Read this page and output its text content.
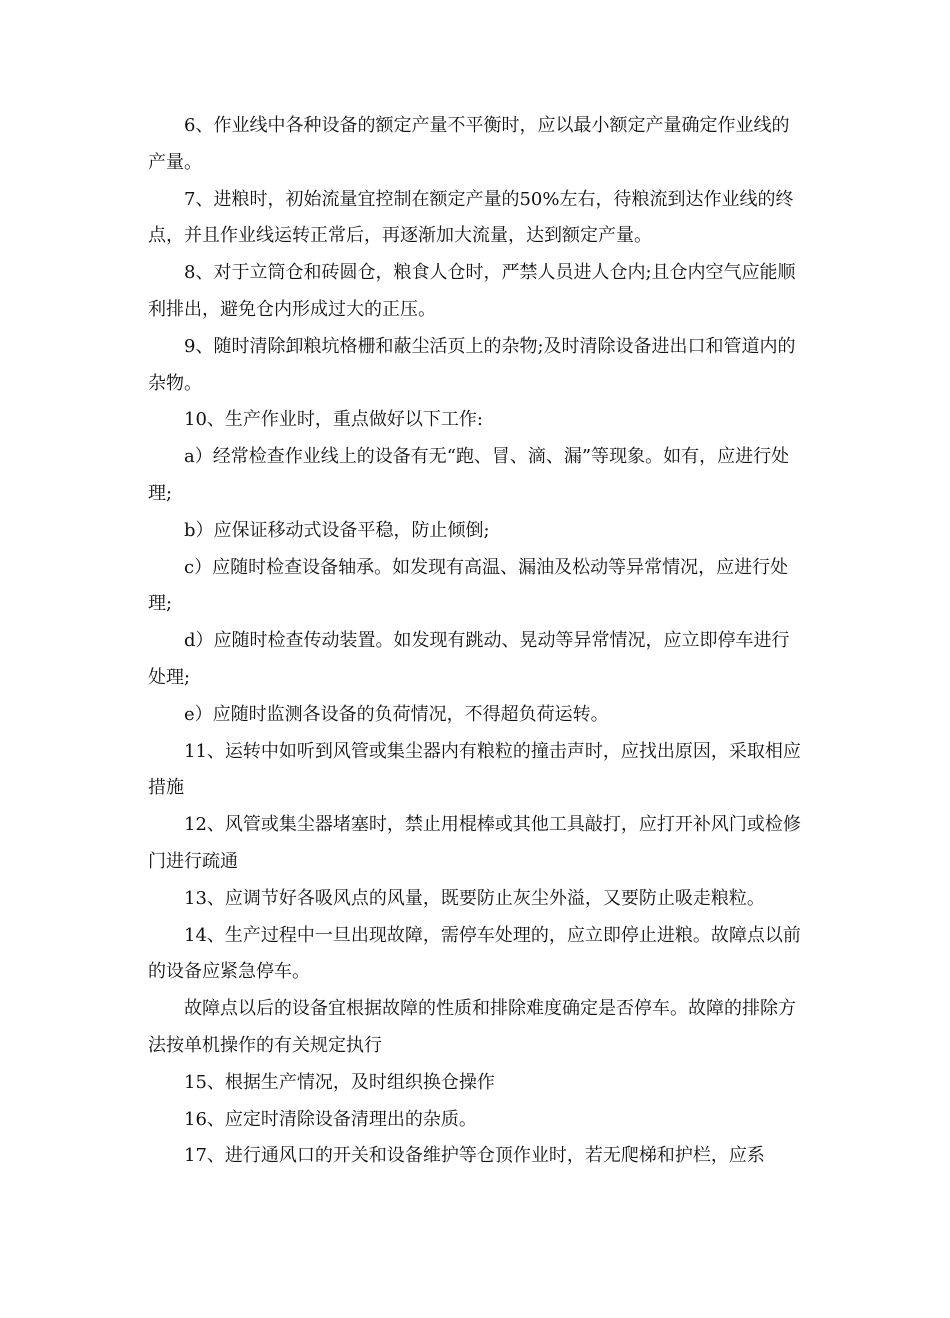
6、作业线中各种设备的额定产量不平衡时，应以最小额定产量确定作业线的产量。

7、进粮时，初始流量宜控制在额定产量的50%左右，待粮流到达作业线的终点，并且作业线运转正常后，再逐渐加大流量，达到额定产量。

8、对于立筒仓和砖圆仓，粮食人仓时，严禁人员进人仓内;且仓内空气应能顺利排出，避免仓内形成过大的正压。

9、随时清除卸粮坑格栅和蔽尘活页上的杂物;及时清除设备进出口和管道内的杂物。

10、生产作业时，重点做好以下工作:

a）经常检查作业线上的设备有无“跑、冒、滴、漏”等现象。如有，应进行处理;

b）应保证移动式设备平稳，防止倾倒;

c）应随时检查设备轴承。如发现有高温、漏油及松动等异常情况，应进行处理;

d）应随时检查传动装置。如发现有跳动、晃动等异常情况，应立即停车进行处理;

e）应随时监测各设备的负荷情况，不得超负荷运转。

11、运转中如听到风管或集尘器内有粮粒的撞击声时，应找出原因，采取相应措施

12、风管或集尘器堵塞时，禁止用棍棒或其他工具敲打，应打开补风门或检修门进行疏通

13、应调节好各吸风点的风量，既要防止灰尘外溢，又要防止吸走粮粒。

14、生产过程中一旦出现故障，需停车处理的，应立即停止进粮。故障点以前的设备应紧急停车。

故障点以后的设备宜根据故障的性质和排除难度确定是否停车。故障的排除方法按单机操作的有关规定执行

15、根据生产情况，及时组织换仓操作

16、应定时清除设备清理出的杂质。

17、进行通风口的开关和设备维护等仓顶作业时，若无爬梯和护栏，应系
